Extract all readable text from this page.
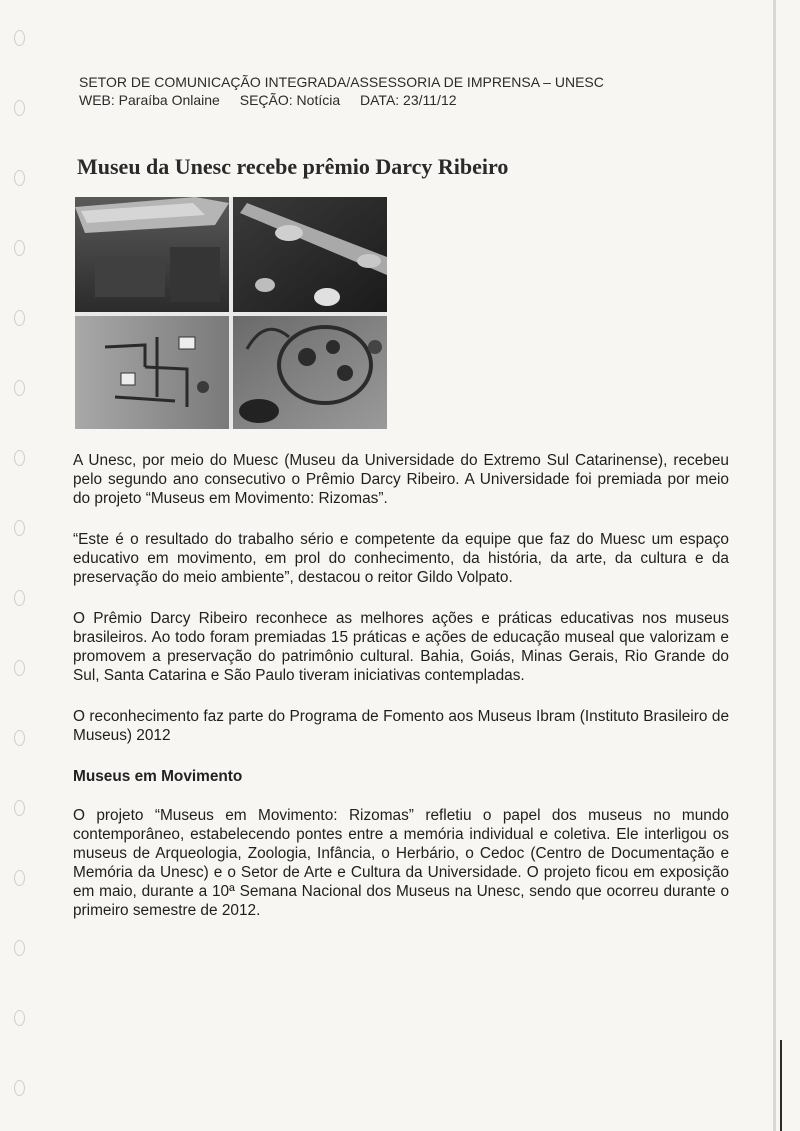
SETOR DE COMUNICAÇÃO INTEGRADA/ASSESSORIA DE IMPRENSA – UNESC
WEB: Paraíba Onlaine SEÇÃO: Notícia DATA: 23/11/12
Museu da Unesc recebe prêmio Darcy Ribeiro

A Unesc, por meio do Muesc (Museu da Universidade do Extremo Sul Catarinense), recebeu pelo segundo ano consecutivo o Prêmio Darcy Ribeiro. A Universidade foi premiada por meio do projeto “Museus em Movimento: Rizomas”.

“Este é o resultado do trabalho sério e competente da equipe que faz do Muesc um espaço educativo em movimento, em prol do conhecimento, da história, da arte, da cultura e da preservação do meio ambiente”, destacou o reitor Gildo Volpato.

O Prêmio Darcy Ribeiro reconhece as melhores ações e práticas educativas nos museus brasileiros. Ao todo foram premiadas 15 práticas e ações de educação museal que valorizam e promovem a preservação do patrimônio cultural. Bahia, Goiás, Minas Gerais, Rio Grande do Sul, Santa Catarina e São Paulo tiveram iniciativas contempladas.

O reconhecimento faz parte do Programa de Fomento aos Museus Ibram (Instituto Brasileiro de Museus) 2012

Museus em Movimento

O projeto “Museus em Movimento: Rizomas” refletiu o papel dos museus no mundo contemporâneo, estabelecendo pontes entre a memória individual e coletiva. Ele interligou os museus de Arqueologia, Zoologia, Infância, o Herbário, o Cedoc (Centro de Documentação e Memória da Unesc) e o Setor de Arte e Cultura da Universidade. O projeto ficou em exposição em maio, durante a 10ª Semana Nacional dos Museus na Unesc, sendo que ocorreu durante o primeiro semestre de 2012.
